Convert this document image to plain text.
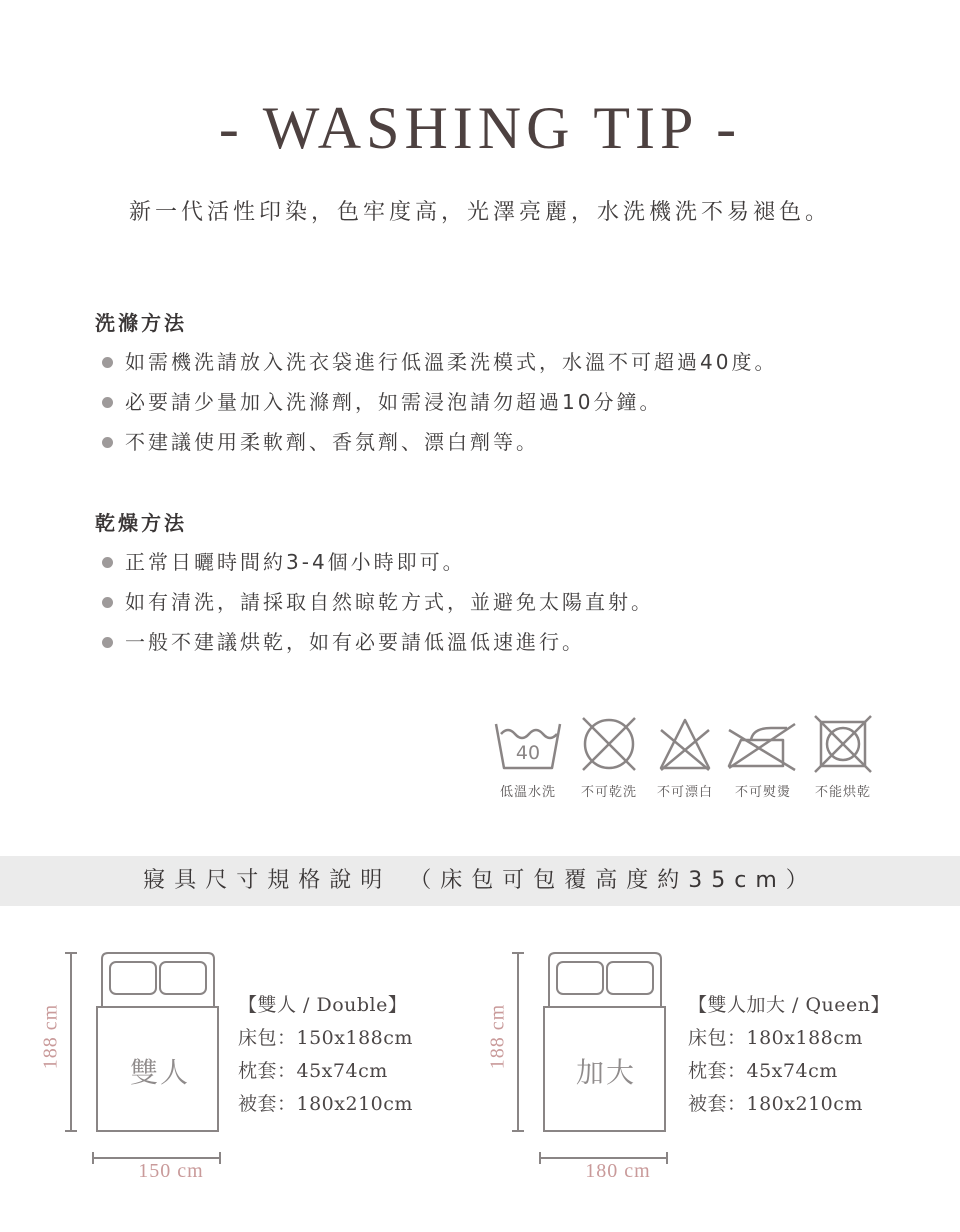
- WASHING TIP -
新一代活性印染，色牢度高，光澤亮麗，水洗機洗不易褪色。
洗滌方法
如需機洗請放入洗衣袋進行低溫柔洗模式，水溫不可超過40度。
必要請少量加入洗滌劑，如需浸泡請勿超過10分鐘。
不建議使用柔軟劑、香氛劑、漂白劑等。
乾燥方法
正常日曬時間約3-4個小時即可。
如有清洗，請採取自然晾乾方式，並避免太陽直射。
一般不建議烘乾，如有必要請低溫低速進行。
40
低溫水洗	不可乾洗	不可漂白	不可熨燙	不能烘乾
寢具尺寸規格說明 （床包可包覆高度約35cm）
雙人
188 cm
150 cm
【雙人 / Double】
床包：150x188cm
枕套：45x74cm
被套：180x210cm
加大
188 cm
180 cm
【雙人加大 / Queen】
床包：180x188cm
枕套：45x74cm
被套：180x210cm
